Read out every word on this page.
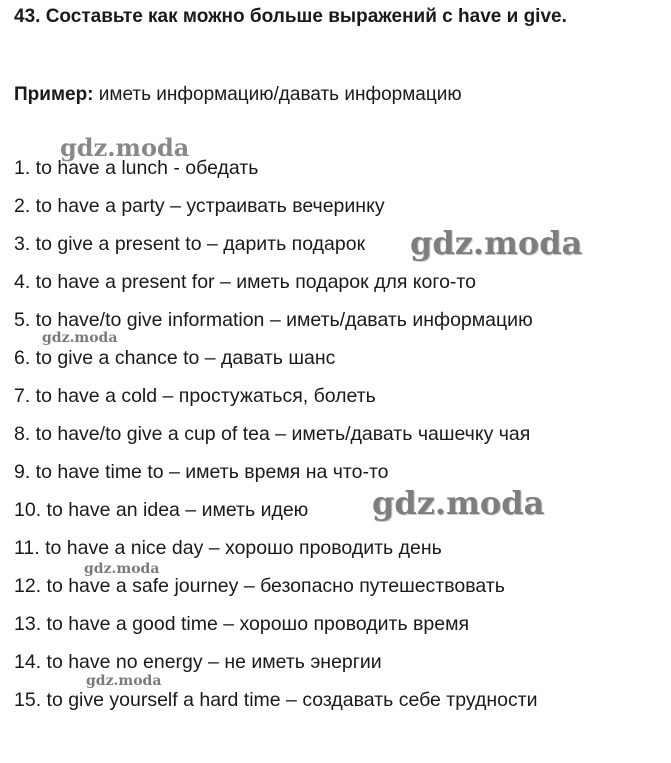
43. Составьте как можно больше выражений с have и give.
Пример: иметь информацию/давать информацию
1. to have a lunch - обедать
2. to have a party – устраивать вечеринку
3. to give a present to – дарить подарок
4. to have a present for – иметь подарок для кого-то
5. to have/to give information – иметь/давать информацию
6. to give a chance to – давать шанс
7. to have a cold – простужаться, болеть
8. to have/to give a cup of tea – иметь/давать чашечку чая
9. to have time to – иметь время на что-то
10. to have an idea – иметь идею
11. to have a nice day – хорошо проводить день
12. to have a safe journey – безопасно путешествовать
13. to have a good time – хорошо проводить время
14. to have no energy – не иметь энергии
15. to give yourself a hard time – создавать себе трудности
gdz.moda
gdz.moda
gdz.moda
gdz.moda
gdz.moda
gdz.moda
